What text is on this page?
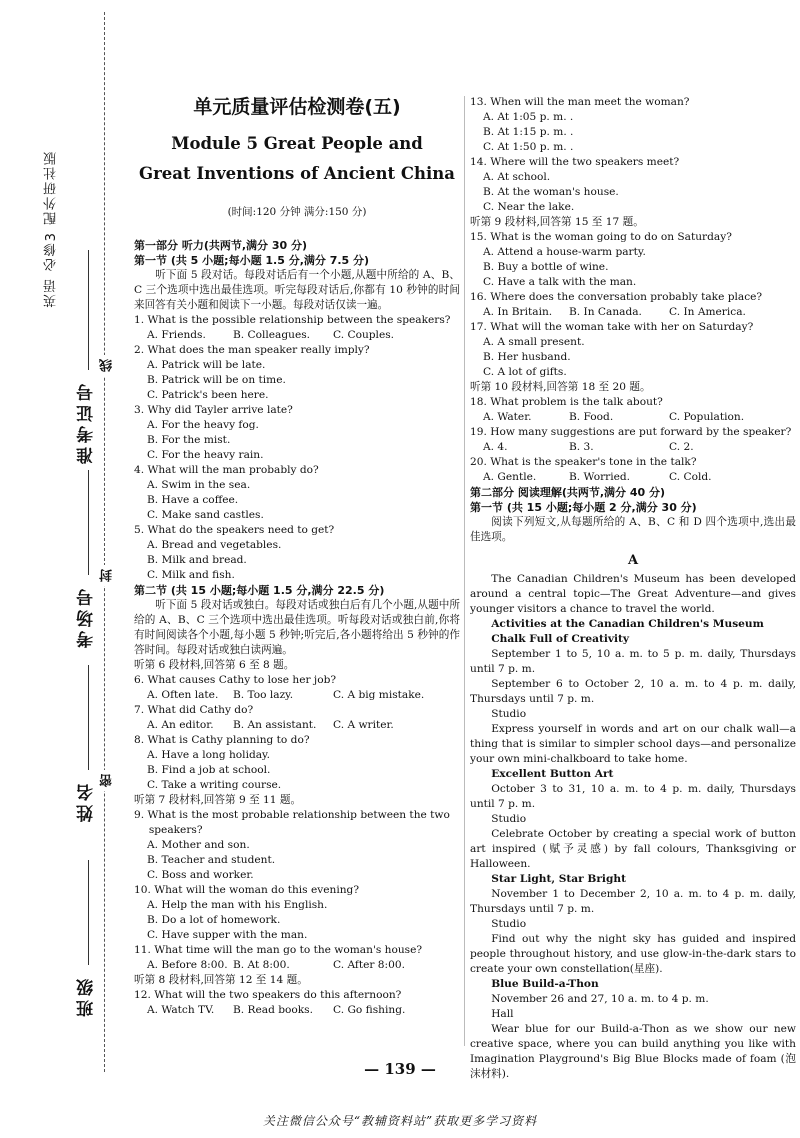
英语 必修3 配外研社版
准考证号
考场号
姓名
班级
线
封
密
单元质量评估检测卷(五)
Module 5 Great People and
Great Inventions of Ancient China
(时间:120 分钟 满分:150 分)
第一部分 听力(共两节,满分 30 分)
第一节 (共 5 小题;每小题 1.5 分,满分 7.5 分)
听下面 5 段对话。每段对话后有一个小题,从题中所给的 A、B、C 三个选项中选出最佳选项。听完每段对话后,你都有 10 秒钟的时间来回答有关小题和阅读下一小题。每段对话仅读一遍。
1. What is the possible relationship between the speakers?
A. Friends.	B. Colleagues.	C. Couples.
2. What does the man speaker really imply?
A. Patrick will be late.
B. Patrick will be on time.
C. Patrick's been here.
3. Why did Tayler arrive late?
A. For the heavy fog.
B. For the mist.
C. For the heavy rain.
4. What will the man probably do?
A. Swim in the sea.
B. Have a coffee.
C. Make sand castles.
5. What do the speakers need to get?
A. Bread and vegetables.
B. Milk and bread.
C. Milk and fish.
第二节 (共 15 小题;每小题 1.5 分,满分 22.5 分)
听下面 5 段对话或独白。每段对话或独白后有几个小题,从题中所给的 A、B、C 三个选项中选出最佳选项。听每段对话或独白前,你将有时间阅读各个小题,每小题 5 秒钟;听完后,各小题将给出 5 秒钟的作答时间。每段对话或独白读两遍。
听第 6 段材料,回答第 6 至 8 题。
6. What causes Cathy to lose her job?
A. Often late.	B. Too lazy.	C. A big mistake.
7. What did Cathy do?
A. An editor.	B. An assistant.	C. A writer.
8. What is Cathy planning to do?
A. Have a long holiday.
B. Find a job at school.
C. Take a writing course.
听第 7 段材料,回答第 9 至 11 题。
9. What is the most probable relationship between the two speakers?
A. Mother and son.
B. Teacher and student.
C. Boss and worker.
10. What will the woman do this evening?
A. Help the man with his English.
B. Do a lot of homework.
C. Have supper with the man.
11. What time will the man go to the woman's house?
A. Before 8:00. B. At 8:00.	C. After 8:00.
听第 8 段材料,回答第 12 至 14 题。
12. What will the two speakers do this afternoon?
A. Watch TV.	B. Read books.	C. Go fishing.
13. When will the man meet the woman?
A. At 1:05 p. m. .
B. At 1:15 p. m. .
C. At 1:50 p. m. .
14. Where will the two speakers meet?
A. At school.
B. At the woman's house.
C. Near the lake.
听第 9 段材料,回答第 15 至 17 题。
15. What is the woman going to do on Saturday?
A. Attend a house-warm party.
B. Buy a bottle of wine.
C. Have a talk with the man.
16. Where does the conversation probably take place?
A. In Britain.	B. In Canada.	C. In America.
17. What will the woman take with her on Saturday?
A. A small present.
B. Her husband.
C. A lot of gifts.
听第 10 段材料,回答第 18 至 20 题。
18. What problem is the talk about?
A. Water.	B. Food.	C. Population.
19. How many suggestions are put forward by the speaker?
A. 4.	B. 3.	C. 2.
20. What is the speaker's tone in the talk?
A. Gentle.	B. Worried.	C. Cold.
第二部分 阅读理解(共两节,满分 40 分)
第一节 (共 15 小题;每小题 2 分,满分 30 分)
阅读下列短文,从每题所给的 A、B、C 和 D 四个选项中,选出最佳选项。
A
The Canadian Children's Museum has been developed around a central topic—The Great Adventure—and gives younger visitors a chance to travel the world.
Activities at the Canadian Children's Museum Chalk Full of Creativity
September 1 to 5, 10 a. m. to 5 p. m. daily, Thursdays until 7 p. m.
September 6 to October 2, 10 a. m. to 4 p. m. daily, Thursdays until 7 p. m.
Studio
Express yourself in words and art on our chalk wall—a thing that is similar to simpler school days—and personalize your own mini-chalkboard to take home.
Excellent Button Art
October 3 to 31, 10 a. m. to 4 p. m. daily, Thursdays until 7 p. m.
Studio
Celebrate October by creating a special work of button art inspired (赋予灵感) by fall colours, Thanksgiving or Halloween.
Star Light, Star Bright
November 1 to December 2, 10 a. m. to 4 p. m. daily, Thursdays until 7 p. m.
Studio
Find out why the night sky has guided and inspired people throughout history, and use glow-in-the-dark stars to create your own constellation(星座).
Blue Build-a-Thon
November 26 and 27, 10 a. m. to 4 p. m.
Hall
Wear blue for our Build-a-Thon as we show our new creative space, where you can build anything you like with Imagination Playground's Big Blue Blocks made of foam (泡沫材料).
— 139 —
关注微信公众号“教辅资料站”获取更多学习资料
